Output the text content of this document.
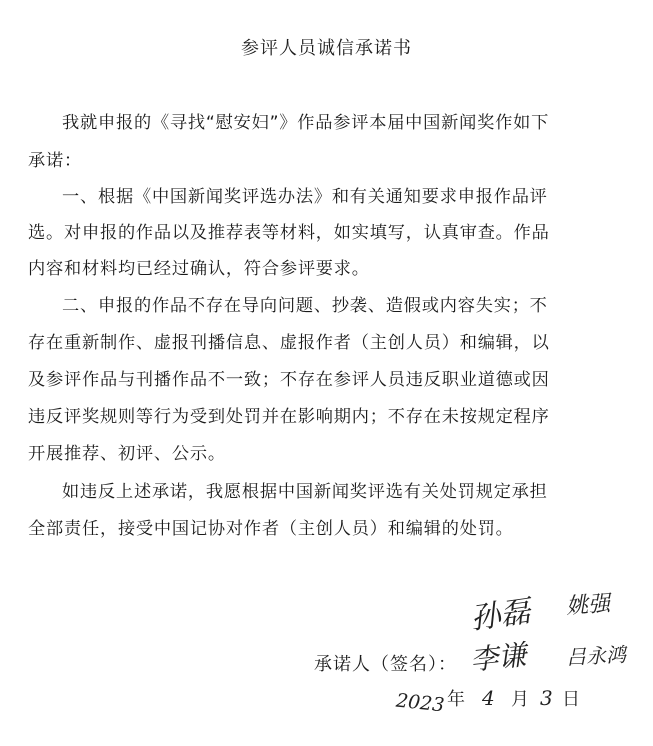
参评人员诚信承诺书
我就申报的《寻找“慰安妇”》作品参评本届中国新闻奖作如下
承诺：
一、根据《中国新闻奖评选办法》和有关通知要求申报作品评
选。对申报的作品以及推荐表等材料，如实填写，认真审查。作品
内容和材料均已经过确认，符合参评要求。
二、申报的作品不存在导向问题、抄袭、造假或内容失实；不
存在重新制作、虚报刊播信息、虚报作者（主创人员）和编辑，以
及参评作品与刊播作品不一致；不存在参评人员违反职业道德或因
违反评奖规则等行为受到处罚并在影响期内；不存在未按规定程序
开展推荐、初评、公示。
如违反上述承诺，我愿根据中国新闻奖评选有关处罚规定承担
全部责任，接受中国记协对作者（主创人员）和编辑的处罚。
孙磊 姚强
承诺人（签名）： 李谦 吕永鸿
2023 年 4 月 3 日
